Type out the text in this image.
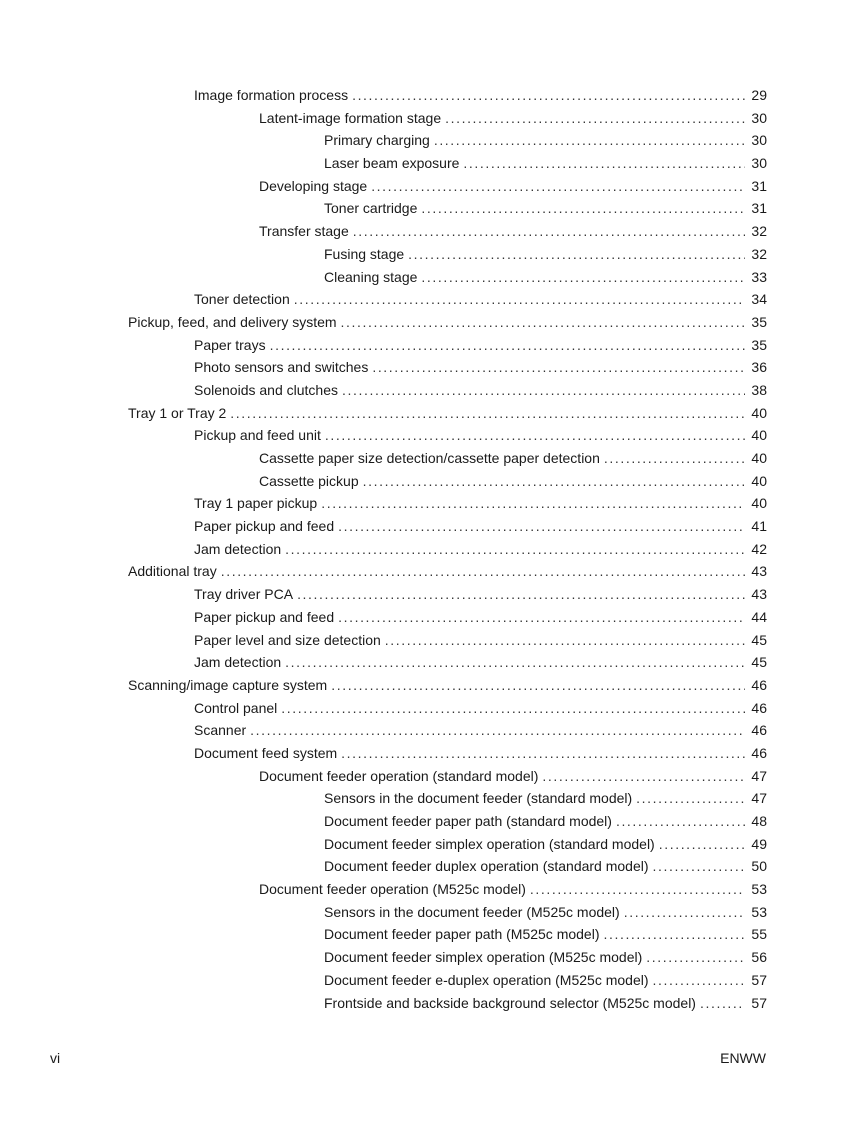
Image formation process .....	29
Latent-image formation stage .....	30
Primary charging .....	30
Laser beam exposure .....	30
Developing stage .....	31
Toner cartridge .....	31
Transfer stage .....	32
Fusing stage .....	32
Cleaning stage .....	33
Toner detection .....	34
Pickup, feed, and delivery system .....	35
Paper trays .....	35
Photo sensors and switches .....	36
Solenoids and clutches .....	38
Tray 1 or Tray 2 .....	40
Pickup and feed unit .....	40
Cassette paper size detection/cassette paper detection .....	40
Cassette pickup .....	40
Tray 1 paper pickup .....	40
Paper pickup and feed .....	41
Jam detection .....	42
Additional tray .....	43
Tray driver PCA .....	43
Paper pickup and feed .....	44
Paper level and size detection .....	45
Jam detection .....	45
Scanning/image capture system .....	46
Control panel .....	46
Scanner .....	46
Document feed system .....	46
Document feeder operation (standard model) .....	47
Sensors in the document feeder (standard model) .....	47
Document feeder paper path (standard model) .....	48
Document feeder simplex operation (standard model) .....	49
Document feeder duplex operation (standard model) .....	50
Document feeder operation (M525c model) .....	53
Sensors in the document feeder (M525c model) .....	53
Document feeder paper path (M525c model) .....	55
Document feeder simplex operation (M525c model) .....	56
Document feeder e-duplex operation (M525c model) .....	57
Frontside and backside background selector (M525c model) .....	57
vi	ENWW
